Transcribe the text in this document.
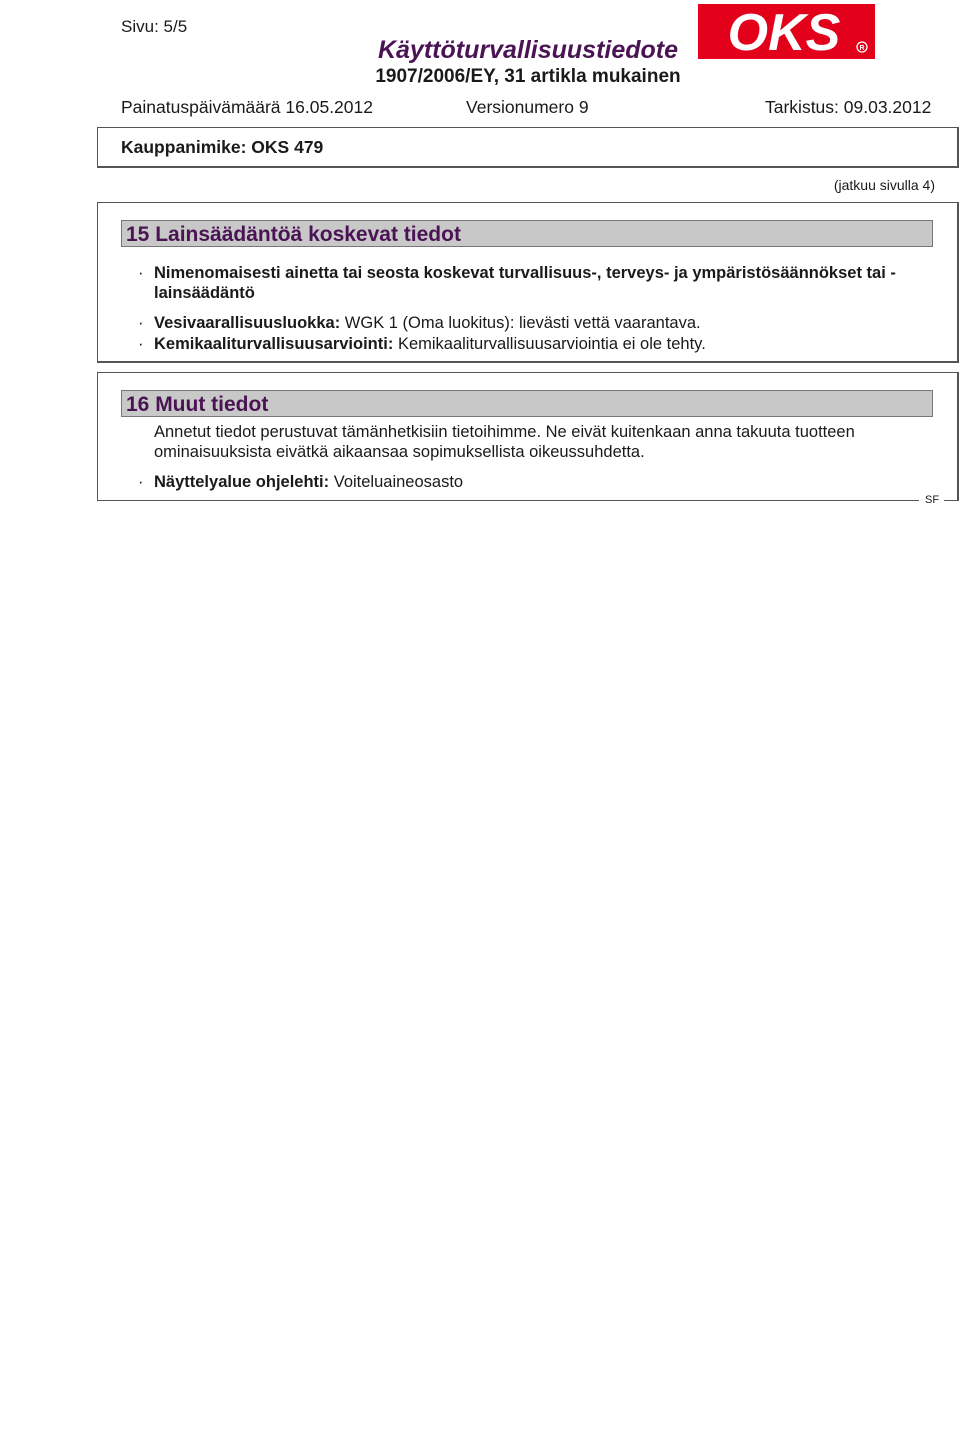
Sivu: 5/5
Käyttöturvallisuustiedote
1907/2006/EY, 31 artikla mukainen
OKS	R
Painatuspäivämäärä 16.05.2012	Versionumero 9	Tarkistus: 09.03.2012
Kauppanimike: OKS 479
(jatkuu sivulla 4)
15 Lainsäädäntöä koskevat tiedot
· Nimenomaisesti ainetta tai seosta koskevat turvallisuus-, terveys- ja ympäristösäännökset tai -lainsäädäntö
· Vesivaarallisuusluokka: WGK 1 (Oma luokitus): lievästi vettä vaarantava.
· Kemikaaliturvallisuusarviointi: Kemikaaliturvallisuusarviointia ei ole tehty.
16 Muut tiedot
Annetut tiedot perustuvat tämänhetkisiin tietoihimme. Ne eivät kuitenkaan anna takuuta tuotteen ominaisuuksista eivätkä aikaansaa sopimuksellista oikeussuhdetta.
· Näyttelyalue ohjelehti: Voiteluaineosasto
SF
